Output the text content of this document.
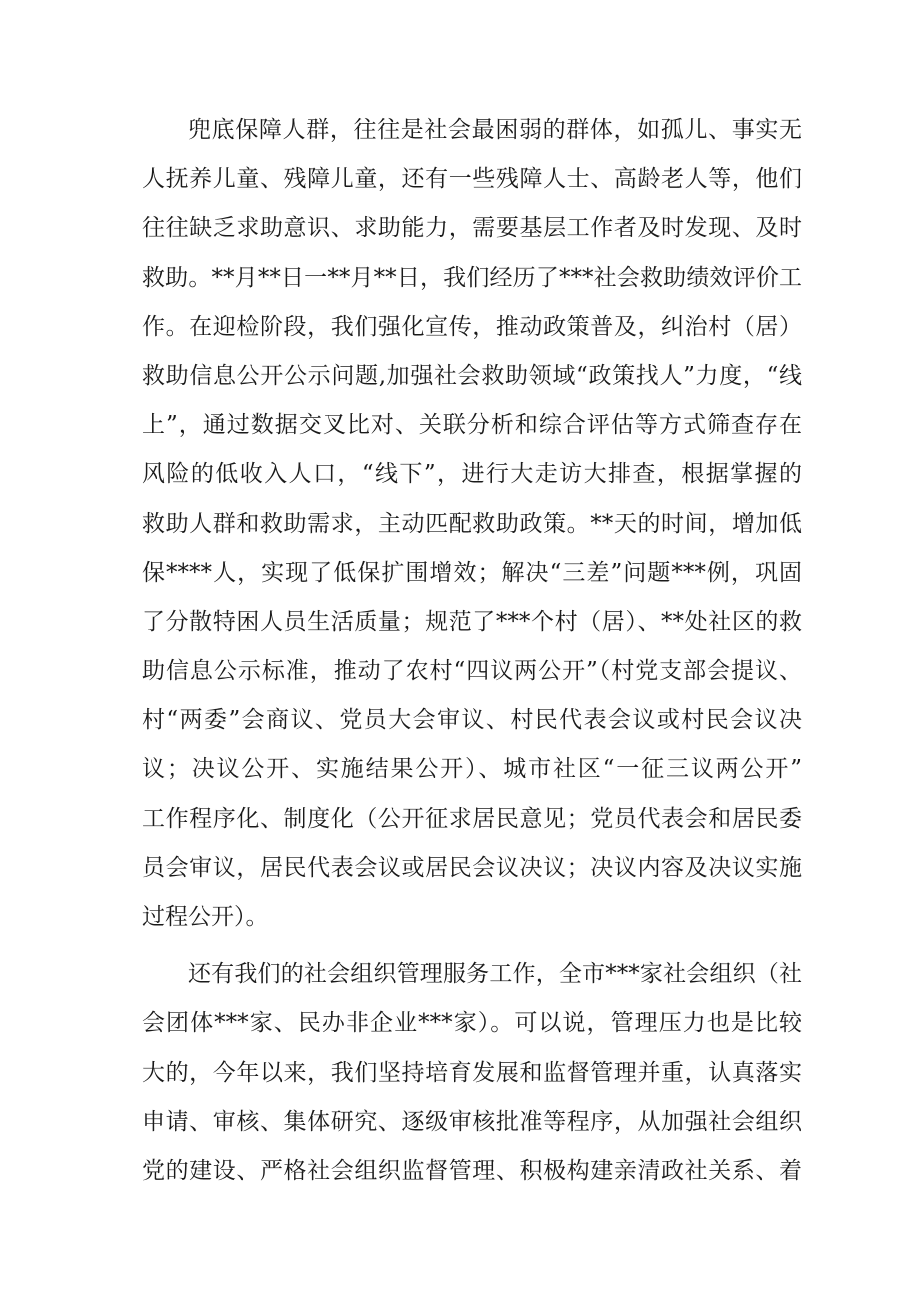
兜底保障人群，往往是社会最困弱的群体，如孤儿、事实无
人抚养儿童、残障儿童，还有一些残障人士、高龄老人等，他们
往往缺乏求助意识、求助能力，需要基层工作者及时发现、及时
救助。**月**日一**月**日，我们经历了***社会救助绩效评价工
作。在迎检阶段，我们强化宣传，推动政策普及，纠治村（居）
救助信息公开公示问题,加强社会救助领域“政策找人”力度，“线
上”，通过数据交叉比对、关联分析和综合评估等方式筛查存在
风险的低收入人口，“线下”，进行大走访大排查，根据掌握的
救助人群和救助需求，主动匹配救助政策。**天的时间，增加低
保****人，实现了低保扩围增效；解决“三差”问题***例，巩固
了分散特困人员生活质量；规范了***个村（居）、**处社区的救
助信息公示标准，推动了农村“四议两公开”（村党支部会提议、
村“两委”会商议、党员大会审议、村民代表会议或村民会议决
议；决议公开、实施结果公开）、城市社区“一征三议两公开”
工作程序化、制度化（公开征求居民意见；党员代表会和居民委
员会审议，居民代表会议或居民会议决议；决议内容及决议实施
过程公开）。
还有我们的社会组织管理服务工作，全市***家社会组织（社
会团体***家、民办非企业***家）。可以说，管理压力也是比较
大的，今年以来，我们坚持培育发展和监督管理并重，认真落实
申请、审核、集体研究、逐级审核批准等程序，从加强社会组织
党的建设、严格社会组织监督管理、积极构建亲清政社关系、着
